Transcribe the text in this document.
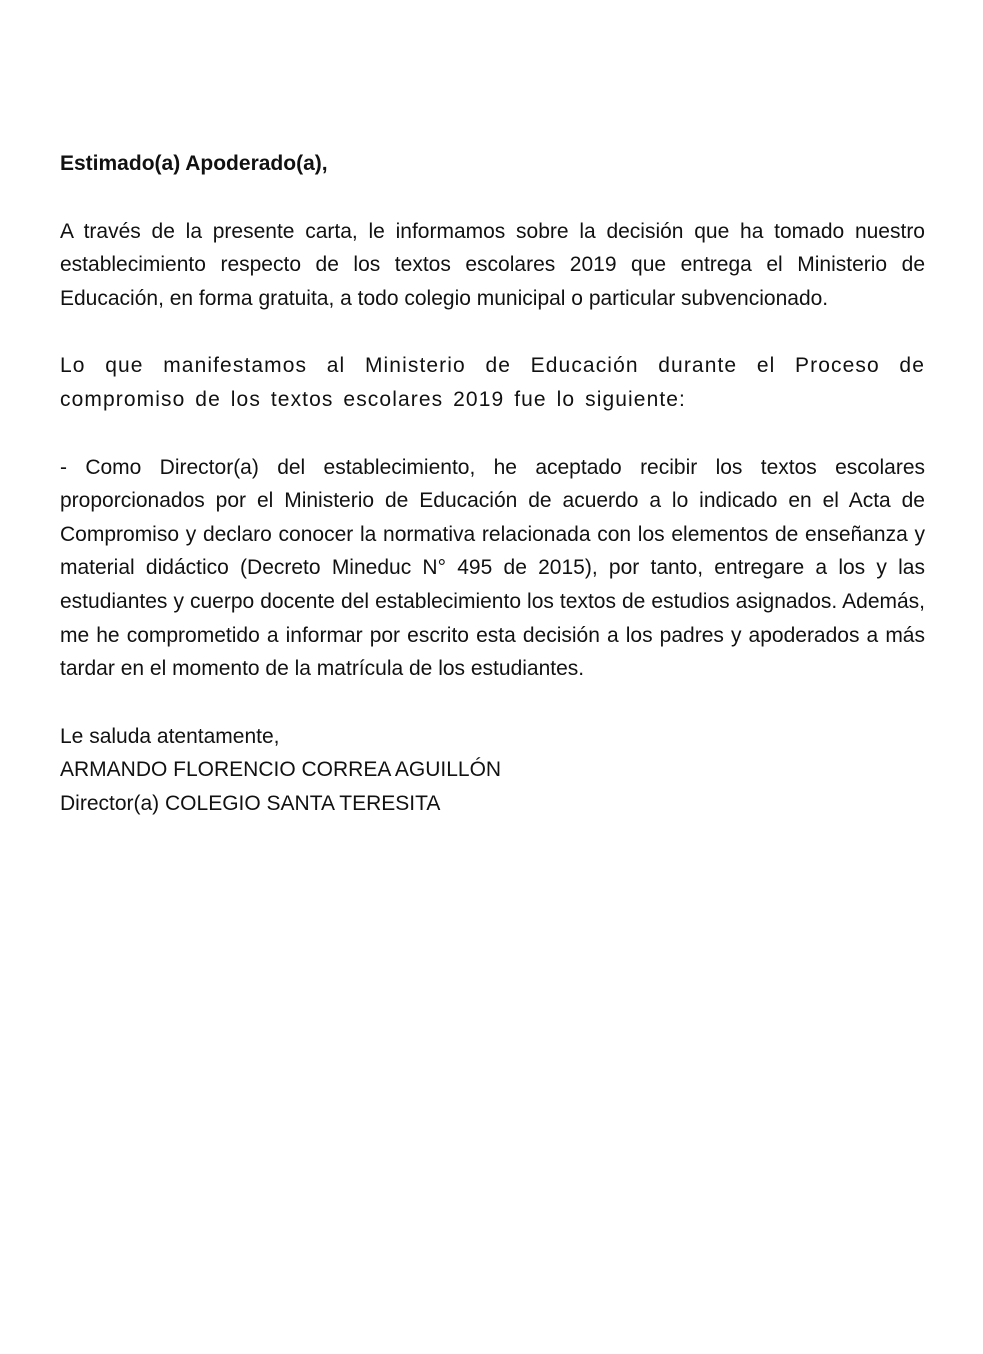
Estimado(a) Apoderado(a),

A través de la presente carta, le informamos sobre la decisión que ha tomado nuestro establecimiento respecto de los textos escolares 2019 que entrega el Ministerio de Educación, en forma gratuita, a todo colegio municipal o particular subvencionado.

Lo que manifestamos al Ministerio de Educación durante el Proceso de compromiso de los textos escolares 2019 fue lo siguiente:

- Como Director(a) del establecimiento, he aceptado recibir los textos escolares proporcionados por el Ministerio de Educación de acuerdo a lo indicado en el Acta de Compromiso y declaro conocer la normativa relacionada con los elementos de enseñanza y material didáctico (Decreto Mineduc N° 495 de 2015), por tanto, entregare a los y las estudiantes y cuerpo docente del establecimiento los textos de estudios asignados. Además, me he comprometido a informar por escrito esta decisión a los padres y apoderados a más tardar en el momento de la matrícula de los estudiantes.

Le saluda atentamente,

ARMANDO FLORENCIO CORREA AGUILLÓN

Director(a) COLEGIO SANTA TERESITA
